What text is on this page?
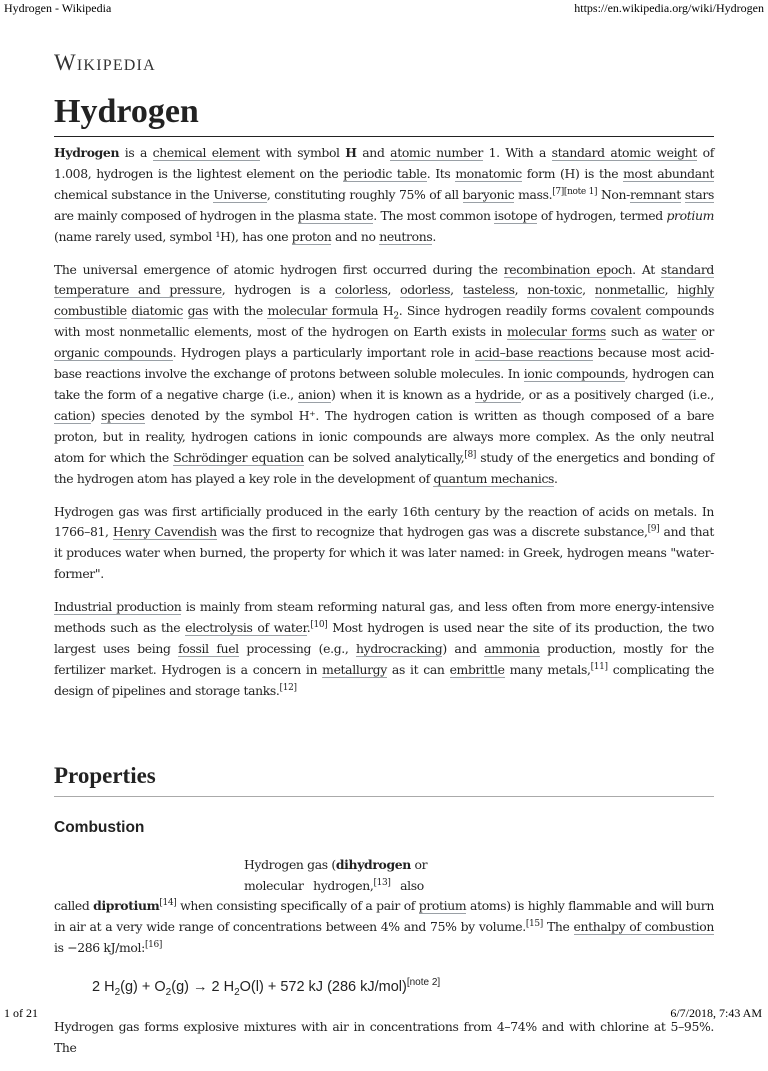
Hydrogen - Wikipedia	https://en.wikipedia.org/wiki/Hydrogen
Wikipedia
Hydrogen

Hydrogen is a chemical element with symbol H and atomic number 1. With a standard atomic weight of 1.008, hydrogen is the lightest element on the periodic table. Its monatomic form (H) is the most abundant chemical substance in the Universe, constituting roughly 75% of all baryonic mass.[7][note 1] Non-remnant stars are mainly composed of hydrogen in the plasma state. The most common isotope of hydrogen, termed protium (name rarely used, symbol ¹H), has one proton and no neutrons.

The universal emergence of atomic hydrogen first occurred during the recombination epoch. At standard temperature and pressure, hydrogen is a colorless, odorless, tasteless, non-toxic, nonmetallic, highly combustible diatomic gas with the molecular formula $H_2$. Since hydrogen readily forms covalent compounds with most nonmetallic elements, most of the hydrogen on Earth exists in molecular forms such as water or organic compounds. Hydrogen plays a particularly important role in acid–base reactions because most acid-base reactions involve the exchange of protons between soluble molecules. In ionic compounds, hydrogen can take the form of a negative charge (i.e., anion) when it is known as a hydride, or as a positively charged (i.e., cation) species denoted by the symbol H⁺. The hydrogen cation is written as though composed of a bare proton, but in reality, hydrogen cations in ionic compounds are always more complex. As the only neutral atom for which the Schrödinger equation can be solved analytically,[8] study of the energetics and bonding of the hydrogen atom has played a key role in the development of quantum mechanics.

Hydrogen gas was first artificially produced in the early 16th century by the reaction of acids on metals. In 1766–81, Henry Cavendish was the first to recognize that hydrogen gas was a discrete substance,[9] and that it produces water when burned, the property for which it was later named: in Greek, hydrogen means "water-former".

Industrial production is mainly from steam reforming natural gas, and less often from more energy-intensive methods such as the electrolysis of water.[10] Most hydrogen is used near the site of its production, the two largest uses being fossil fuel processing (e.g., hydrocracking) and ammonia production, mostly for the fertilizer market. Hydrogen is a concern in metallurgy as it can embrittle many metals,[11] complicating the design of pipelines and storage tanks.[12]

Properties
Combustion
Hydrogen gas (dihydrogen or
molecular hydrogen,[13] also

called diprotium[14] when consisting specifically of a pair of protium atoms) is highly flammable and will burn in air at a very wide range of concentrations between 4% and 75% by volume.[15] The enthalpy of combustion is −286 kJ/mol:[16]

2 $H_2(g) + O_2(g) \to 2$ $H_2O(l) + 572$ kJ (286 kJ/mol)[note 2]

Hydrogen gas forms explosive mixtures with air in concentrations from 4–74% and with chlorine at 5–95%. The

1 of 21	6/7/2018, 7:43 AM
